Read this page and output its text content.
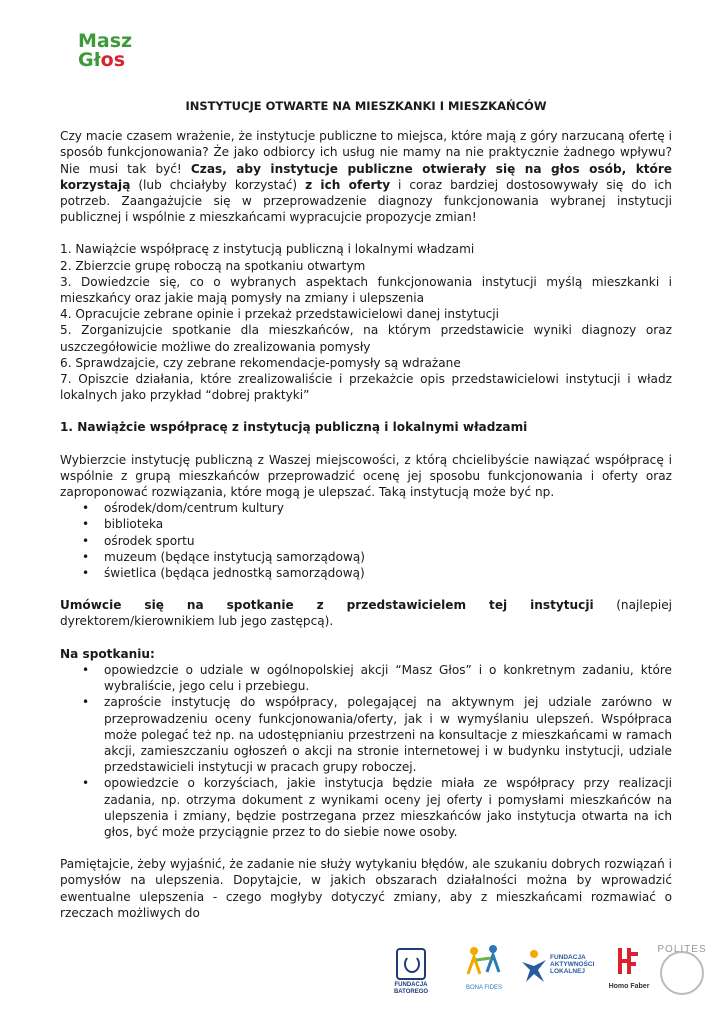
Masz
Głos
INSTYTUCJE OTWARTE NA MIESZKANKI I MIESZKAŃCÓW

Czy macie czasem wrażenie, że instytucje publiczne to miejsca, które mają z góry narzucaną ofertę i sposób funkcjonowania? Że jako odbiorcy ich usług nie mamy na nie praktycznie żadnego wpływu? Nie musi tak być! Czas, aby instytucje publiczne otwierały się na głos osób, które korzystają (lub chciałyby korzystać) z ich oferty i coraz bardziej dostosowywały się do ich potrzeb. Zaangażujcie się w przeprowadzenie diagnozy funkcjonowania wybranej instytucji publicznej i wspólnie z mieszkańcami wypracujcie propozycje zmian!

1. Nawiążcie współpracę z instytucją publiczną i lokalnymi władzami

2. Zbierzcie grupę roboczą na spotkaniu otwartym

3. Dowiedzcie się, co o wybranych aspektach funkcjonowania instytucji myślą mieszkanki i mieszkańcy oraz jakie mają pomysły na zmiany i ulepszenia

4. Opracujcie zebrane opinie i przekaż przedstawicielowi danej instytucji

5. Zorganizujcie spotkanie dla mieszkańców, na którym przedstawicie wyniki diagnozy oraz uszczegółowicie możliwe do zrealizowania pomysły

6. Sprawdzajcie, czy zebrane rekomendacje-pomysły są wdrażane

7. Opiszcie działania, które zrealizowaliście i przekażcie opis przedstawicielowi instytucji i władz lokalnych jako przykład “dobrej praktyki”

1. Nawiążcie współpracę z instytucją publiczną i lokalnymi władzami

Wybierzcie instytucję publiczną z Waszej miejscowości, z którą chcielibyście nawiązać współpracę i wspólnie z grupą mieszkańców przeprowadzić ocenę jej sposobu funkcjonowania i oferty oraz zaproponować rozwiązania, które mogą je ulepszać. Taką instytucją może być np.

• ośrodek/dom/centrum kultury
• biblioteka
• ośrodek sportu
• muzeum (będące instytucją samorządową)
• świetlica (będąca jednostką samorządową)

Umówcie się na spotkanie z przedstawicielem tej instytucji (najlepiej dyrektorem/kierownikiem lub jego zastępcą).

Na spotkaniu:

• opowiedzcie o udziale w ogólnopolskiej akcji “Masz Głos” i o konkretnym zadaniu, które wybraliście, jego celu i przebiegu.
• zaproście instytucję do współpracy, polegającej na aktywnym jej udziale zarówno w przeprowadzeniu oceny funkcjonowania/oferty, jak i w wymyślaniu ulepszeń. Współpraca może polegać też np. na udostępnianiu przestrzeni na konsultacje z mieszkańcami w ramach akcji, zamieszczaniu ogłoszeń o akcji na stronie internetowej i w budynku instytucji, udziale przedstawicieli instytucji w pracach grupy roboczej.
• opowiedzcie o korzyściach, jakie instytucja będzie miała ze współpracy przy realizacji zadania, np. otrzyma dokument z wynikami oceny jej oferty i pomysłami mieszkańców na ulepszenia i zmiany, będzie postrzegana przez mieszkańców jako instytucja otwarta na ich głos, być może przyciągnie przez to do siebie nowe osoby.

Pamiętajcie, żeby wyjaśnić, że zadanie nie służy wytykaniu błędów, ale szukaniu dobrych rozwiązań i pomysłów na ulepszenia. Dopytajcie, w jakich obszarach działalności można by wprowadzić ewentualne ulepszenia - czego mogłyby dotyczyć zmiany, aby z mieszkańcami rozmawiać o rzeczach możliwych do

FUNDACJA
BATOREGO
BONA FIDES
FUNDACJA
AKTYWNOŚCI
LOKALNEJ
Homo Faber
POLITES
